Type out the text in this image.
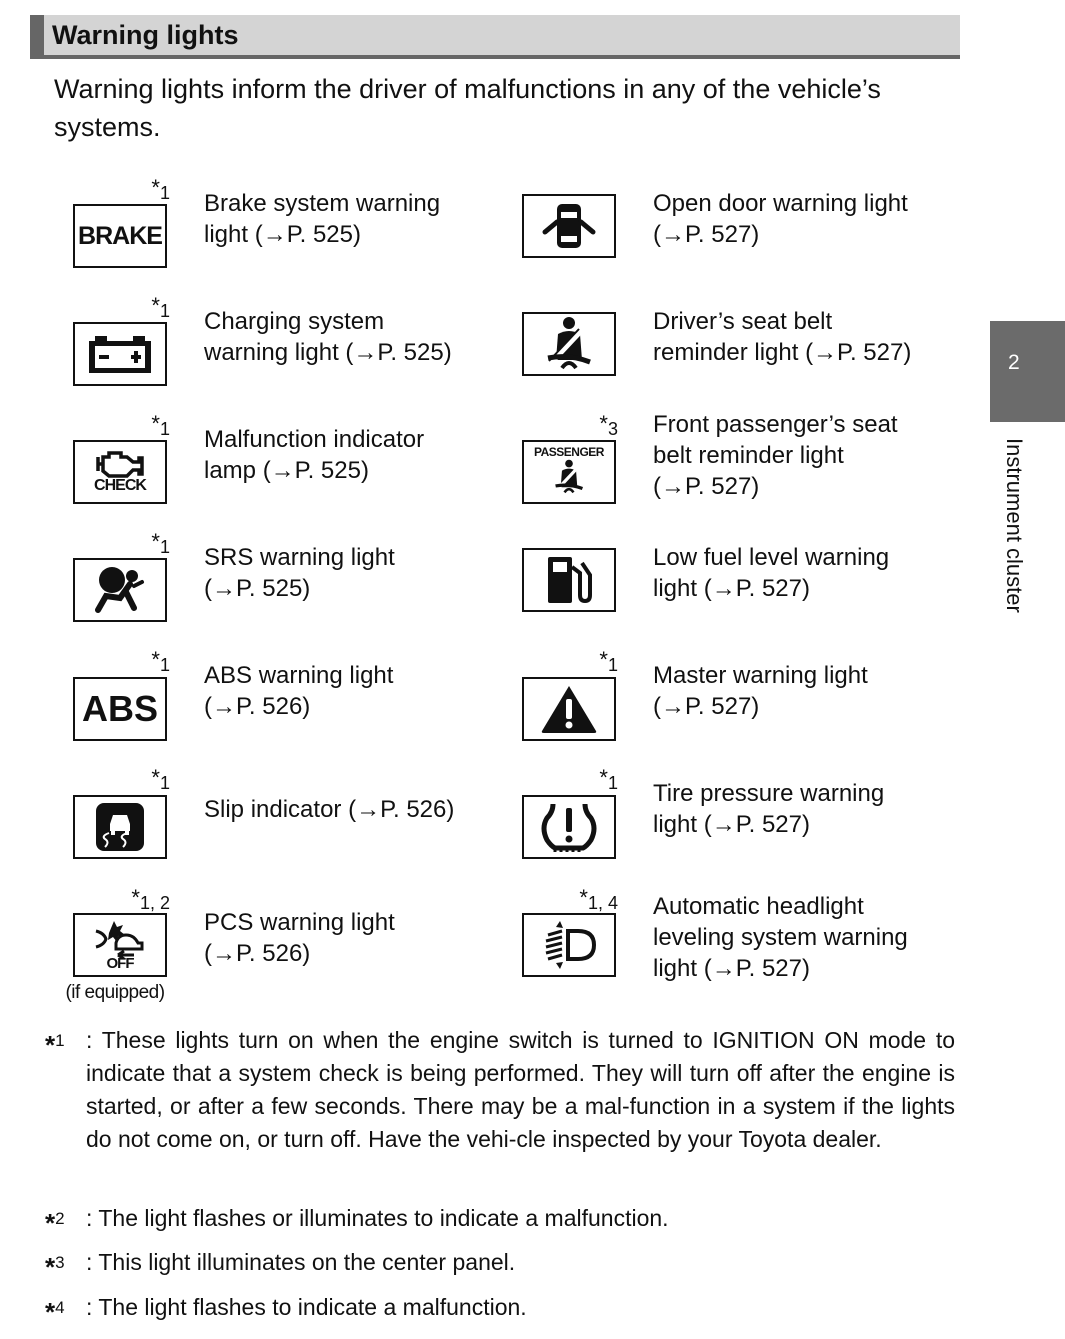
Warning lights
Warning lights inform the driver of malfunctions in any of the vehicle’s systems.
$*_1$
BRAKE
Brake system warning
light (→P. 525)
$*_1$ Charging system
warning light (→P. 525)
$*_1$
CHECK
Malfunction indicator
lamp (→P. 525)
$*_1$ SRS warning light
(→P. 525)
$*_1$
ABS
ABS warning light
(→P. 526)
$*_1$
Slip indicator (→P. 526)
$*_{1, 2}$
OFF
(if equipped)
PCS warning light
(→P. 526)
Open door warning light
(→P. 527)
Driver’s seat belt
reminder light (→P. 527)
$*_3$
PASSENGER
Front passenger’s seat
belt reminder light
(→P. 527)
Low fuel level warning
light (→P. 527)
$*_1$ Master warning light
(→P. 527)
$*_1$ Tire pressure warning
light (→P. 527)
$*_{1, 4}$ Automatic headlight
leveling system warning
light (→P. 527)
2
Instrument cluster
*$^1$ : These lights turn on when the engine switch is turned to IGNITION ON mode to indicate that a system check is being performed. They will turn off after the engine is started, or after a few seconds. There may be a mal-function in a system if the lights do not come on, or turn off. Have the vehi-cle inspected by your Toyota dealer.
*$^2$ : The light flashes or illuminates to indicate a malfunction.
*$^3$ : This light illuminates on the center panel.
*$^4$ : The light flashes to indicate a malfunction.
